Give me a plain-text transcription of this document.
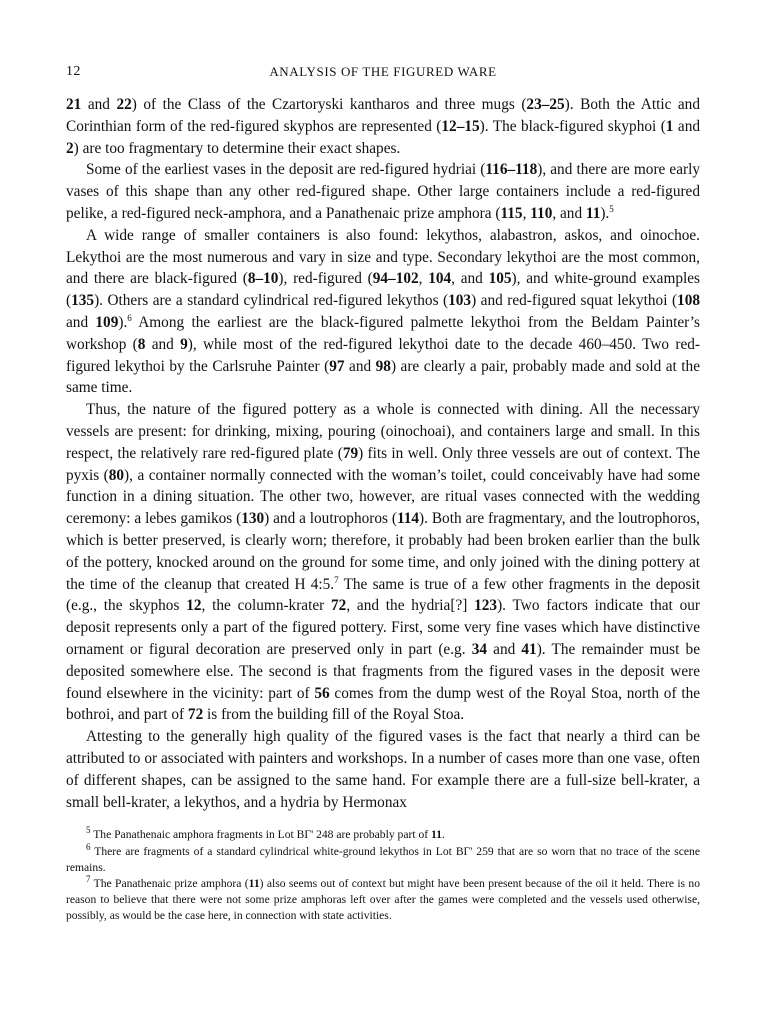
12	ANALYSIS OF THE FIGURED WARE

21 and 22) of the Class of the Czartoryski kantharos and three mugs (23–25). Both the Attic and Corinthian form of the red-figured skyphos are represented (12–15). The black-figured skyphoi (1 and 2) are too fragmentary to determine their exact shapes.

Some of the earliest vases in the deposit are red-figured hydriai (116–118), and there are more early vases of this shape than any other red-figured shape. Other large containers include a red-figured pelike, a red-figured neck-amphora, and a Panathenaic prize amphora (115, 110, and 11).$^5$

A wide range of smaller containers is also found: lekythos, alabastron, askos, and oinochoe. Lekythoi are the most numerous and vary in size and type. Secondary lekythoi are the most common, and there are black-figured (8–10), red-figured (94–102, 104, and 105), and white-ground examples (135). Others are a standard cylindrical red-figured lekythos (103) and red-figured squat lekythoi (108 and 109).$^6$ Among the earliest are the black-figured palmette lekythoi from the Beldam Painter’s workshop (8 and 9), while most of the red-figured lekythoi date to the decade 460–450. Two red-figured lekythoi by the Carlsruhe Painter (97 and 98) are clearly a pair, probably made and sold at the same time.

Thus, the nature of the figured pottery as a whole is connected with dining. All the necessary vessels are present: for drinking, mixing, pouring (oinochoai), and containers large and small. In this respect, the relatively rare red-figured plate (79) fits in well. Only three vessels are out of context. The pyxis (80), a container normally connected with the woman’s toilet, could conceivably have had some function in a dining situation. The other two, however, are ritual vases connected with the wedding ceremony: a lebes gamikos (130) and a loutrophoros (114). Both are fragmentary, and the loutrophoros, which is better preserved, is clearly worn; therefore, it probably had been broken earlier than the bulk of the pottery, knocked around on the ground for some time, and only joined with the dining pottery at the time of the cleanup that created H 4:5.$^7$ The same is true of a few other fragments in the deposit (e.g., the skyphos 12, the column-krater 72, and the hydria[?] 123). Two factors indicate that our deposit represents only a part of the figured pottery. First, some very fine vases which have distinctive ornament or figural decoration are preserved only in part (e.g. 34 and 41). The remainder must be deposited somewhere else. The second is that fragments from the figured vases in the deposit were found elsewhere in the vicinity: part of 56 comes from the dump west of the Royal Stoa, north of the bothroi, and part of 72 is from the building fill of the Royal Stoa.

Attesting to the generally high quality of the figured vases is the fact that nearly a third can be attributed to or associated with painters and workshops. In a number of cases more than one vase, often of different shapes, can be assigned to the same hand. For example there are a full-size bell-krater, a small bell-krater, a lekythos, and a hydria by Hermonax

$^5$ The Panathenaic amphora fragments in Lot BΓ' 248 are probably part of 11.

$^6$ There are fragments of a standard cylindrical white-ground lekythos in Lot BΓ' 259 that are so worn that no trace of the scene remains.

$^7$ The Panathenaic prize amphora (11) also seems out of context but might have been present because of the oil it held. There is no reason to believe that there were not some prize amphoras left over after the games were completed and the vessels used otherwise, possibly, as would be the case here, in connection with state activities.
